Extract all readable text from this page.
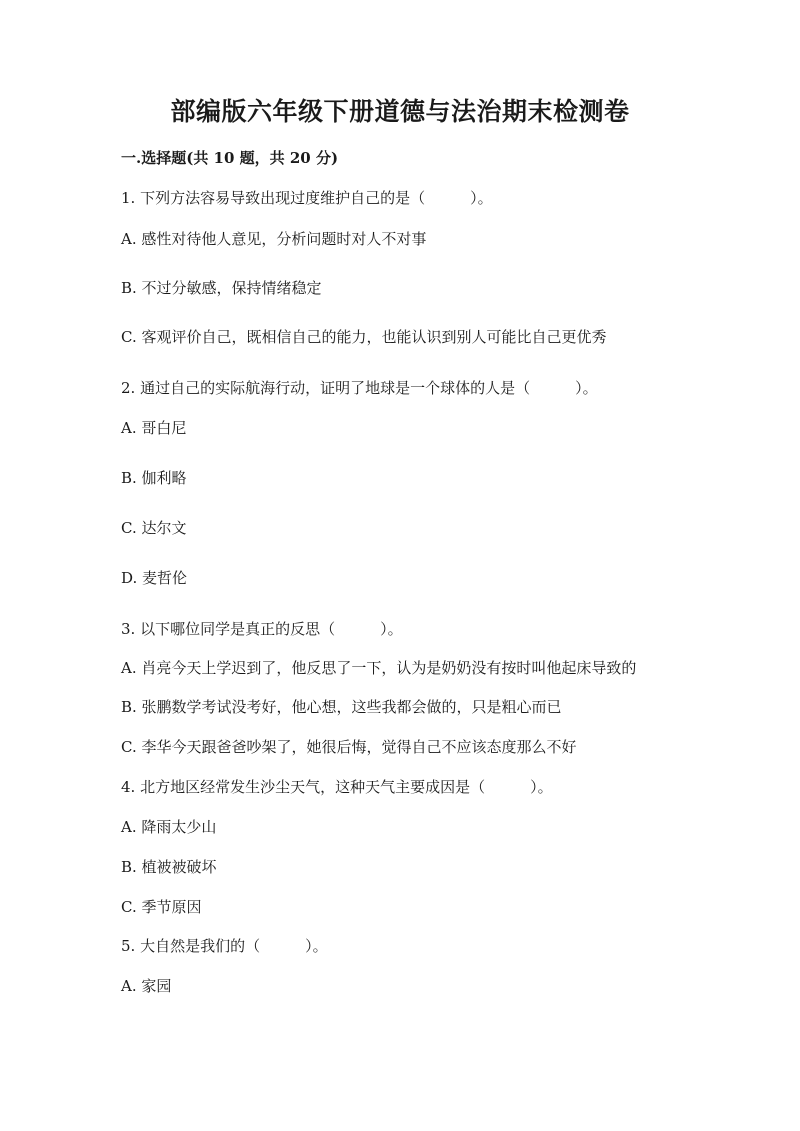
部编版六年级下册道德与法治期末检测卷
一.选择题(共 10 题，共 20 分)
1. 下列方法容易导致出现过度维护自己的是（　　　）。
A. 感性对待他人意见，分析问题时对人不对事
B. 不过分敏感，保持情绪稳定
C. 客观评价自己，既相信自己的能力，也能认识到别人可能比自己更优秀
2. 通过自己的实际航海行动，证明了地球是一个球体的人是（　　　）。
A. 哥白尼
B. 伽利略
C. 达尔文
D. 麦哲伦
3. 以下哪位同学是真正的反思（　　　）。
A. 肖亮今天上学迟到了，他反思了一下，认为是奶奶没有按时叫他起床导致的
B. 张鹏数学考试没考好，他心想，这些我都会做的，只是粗心而已
C. 李华今天跟爸爸吵架了，她很后悔，觉得自己不应该态度那么不好
4. 北方地区经常发生沙尘天气，这种天气主要成因是（　　　）。
A. 降雨太少山
B. 植被被破坏
C. 季节原因
5. 大自然是我们的（　　　）。
A. 家园
